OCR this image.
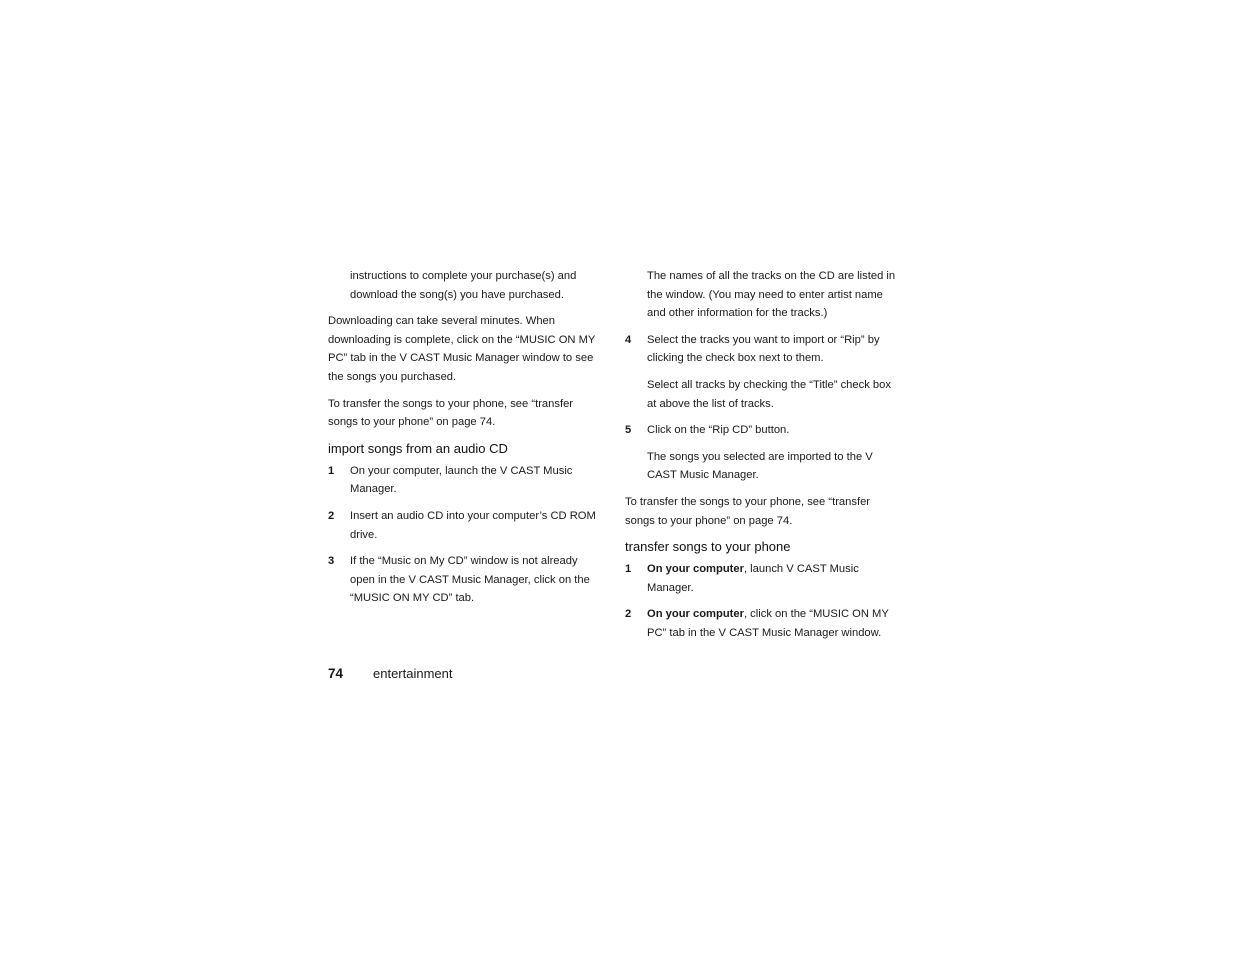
instructions to complete your purchase(s) and download the song(s) you have purchased.

Downloading can take several minutes. When downloading is complete, click on the “MUSIC ON MY PC” tab in the V CAST Music Manager window to see the songs you purchased.

To transfer the songs to your phone, see “transfer songs to your phone” on page 74.

import songs from an audio CD
1	On your computer, launch the V CAST Music Manager.
2	Insert an audio CD into your computer’s CD ROM drive.
3	If the “Music on My CD” window is not already open in the V CAST Music Manager, click on the “MUSIC ON MY CD” tab.

The names of all the tracks on the CD are listed in the window. (You may need to enter artist name and other information for the tracks.)

4	Select the tracks you want to import or “Rip” by clicking the check box next to them.

Select all tracks by checking the “Title” check box at above the list of tracks.

5	Click on the “Rip CD” button.

The songs you selected are imported to the V CAST Music Manager.

To transfer the songs to your phone, see “transfer songs to your phone” on page 74.

transfer songs to your phone
1	On your computer, launch V CAST Music Manager.
2	On your computer, click on the “MUSIC ON MY PC” tab in the V CAST Music Manager window.
74	entertainment
